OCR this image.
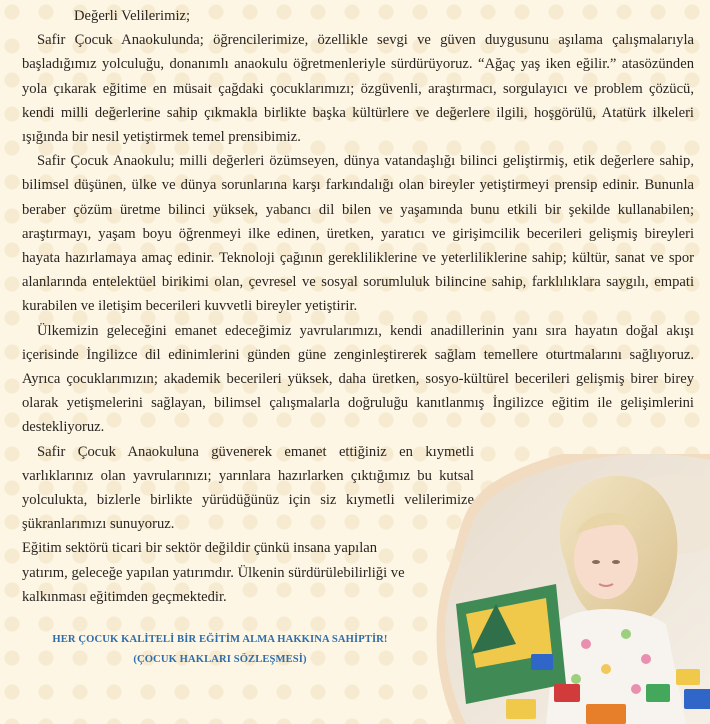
Değerli Velilerimiz;

Safir Çocuk Anaokulunda; öğrencilerimize, özellikle sevgi ve güven duygusunu aşılama çalışmalarıyla başladığımız yolculuğu, donanımlı anaokulu öğretmenleriyle sürdürüyoruz. “Ağaç yaş iken eğilir.” atasözünden yola çıkarak eğitime en müsait çağdaki çocuklarımızı; özgüvenli, araştırmacı, sorgulayıcı ve problem çözücü, kendi milli değerlerine sahip çıkmakla birlikte başka kültürlere ve değerlere ilgili, hoşgörülü, Atatürk ilkeleri ışığında bir nesil yetiştirmek temel prensibimiz.

Safir Çocuk Anaokulu; milli değerleri özümseyen, dünya vatandaşlığı bilinci geliştirmiş, etik değerlere sahip, bilimsel düşünen, ülke ve dünya sorunlarına karşı farkındalığı olan bireyler yetiştirmeyi prensip edinir. Bununla beraber çözüm üretme bilinci yüksek, yabancı dil bilen ve yaşamında bunu etkili bir şekilde kullanabilen; araştırmayı, yaşam boyu öğrenmeyi ilke edinen, üretken, yaratıcı ve girişimcilik becerileri gelişmiş bireyleri hayata hazırlamaya amaç edinir. Teknoloji çağının gerekliliklerine ve yeterliliklerine sahip; kültür, sanat ve spor alanlarında entelektüel birikimi olan, çevresel ve sosyal sorumluluk bilincine sahip, farklılıklara saygılı, empati kurabilen ve iletişim becerileri kuvvetli bireyler yetiştirir.

Ülkemizin geleceğini emanet edeceğimiz yavrularımızı, kendi anadillerinin yanı sıra hayatın doğal akışı içerisinde İngilizce dil edinimlerini günden güne zenginleştirerek sağlam temellere oturtmalarını sağlıyoruz. Ayrıca çocuklarımızın; akademik becerileri yüksek, daha üretken, sosyo-kültürel becerileri gelişmiş birer birey olarak yetişmelerini sağlayan, bilimsel çalışmalarla doğruluğu kanıtlanmış İngilizce eğitim ile gelişimlerini destekliyoruz.

Safir Çocuk Anaokuluna güvenerek emanet ettiğiniz en kıymetli varlıklarınız olan yavrularınızı; yarınlara hazırlarken çıktığımız bu kutsal yolculukta, bizlerle birlikte yürüdüğünüz için siz kıymetli velilerimize şükranlarımızı sunuyoruz.

Eğitim sektörü ticari bir sektör değildir çünkü insana yapılan yatırım, geleceğe yapılan yatırımdır. Ülkenin sürdürülebilirliği ve kalkınması eğitimden geçmektedir.

HER ÇOCUK KALİTELİ BİR EĞİTİM ALMA HAKKINA SAHİPTİR!
(ÇOCUK HAKLARI SÖZLEŞMESİ)
